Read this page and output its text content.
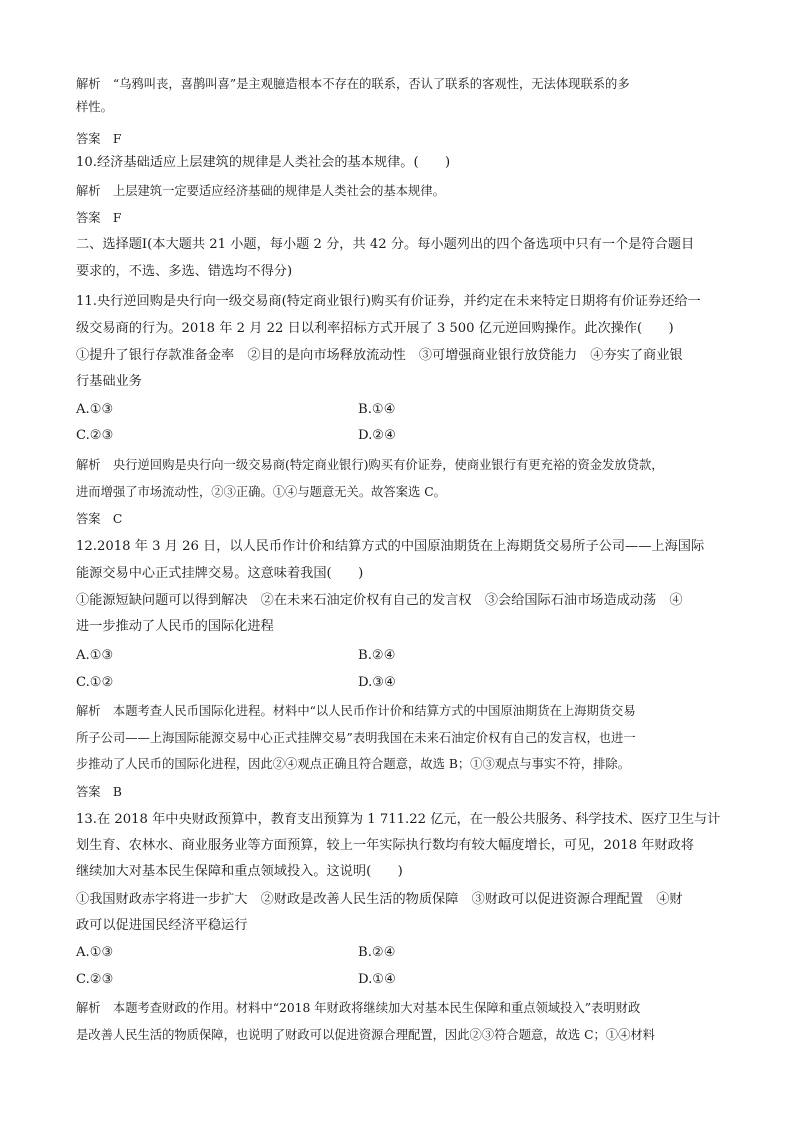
解析　“乌鸦叫丧，喜鹊叫喜”是主观臆造根本不存在的联系，否认了联系的客观性，无法体现联系的多
样性。
答案　F
10.经济基础适应上层建筑的规律是人类社会的基本规律。(　　)
解析　上层建筑一定要适应经济基础的规律是人类社会的基本规律。
答案　F
二、选择题Ⅰ(本大题共 21 小题，每小题 2 分，共 42 分。每小题列出的四个备选项中只有一个是符合题目
要求的，不选、多选、错选均不得分)
11.央行逆回购是央行向一级交易商(特定商业银行)购买有价证券，并约定在未来特定日期将有价证券还给一
级交易商的行为。2018 年 2 月 22 日以利率招标方式开展了 3 500 亿元逆回购操作。此次操作(　　)
①提升了银行存款准备金率　②目的是向市场释放流动性　③可增强商业银行放贷能力　④夯实了商业银
行基础业务
A.①③	B.①④
C.②③	D.②④
解析　央行逆回购是央行向一级交易商(特定商业银行)购买有价证券，使商业银行有更充裕的资金发放贷款，
进而增强了市场流动性，②③正确。①④与题意无关。故答案选 C。
答案　C
12.2018 年 3 月 26 日，以人民币作计价和结算方式的中国原油期货在上海期货交易所子公司——上海国际
能源交易中心正式挂牌交易。这意味着我国(　　)
①能源短缺问题可以得到解决　②在未来石油定价权有自己的发言权　③会给国际石油市场造成动荡　④
进一步推动了人民币的国际化进程
A.①③	B.②④
C.①②	D.③④
解析　本题考查人民币国际化进程。材料中“以人民币作计价和结算方式的中国原油期货在上海期货交易
所子公司——上海国际能源交易中心正式挂牌交易”表明我国在未来石油定价权有自己的发言权，也进一
步推动了人民币的国际化进程，因此②④观点正确且符合题意，故选 B；①③观点与事实不符，排除。
答案　B
13.在 2018 年中央财政预算中，教育支出预算为 1 711.22 亿元，在一般公共服务、科学技术、医疗卫生与计
划生育、农林水、商业服务业等方面预算，较上一年实际执行数均有较大幅度增长，可见，2018 年财政将
继续加大对基本民生保障和重点领域投入。这说明(　　)
①我国财政赤字将进一步扩大　②财政是改善人民生活的物质保障　③财政可以促进资源合理配置　④财
政可以促进国民经济平稳运行
A.①③	B.②④
C.②③	D.①④
解析　本题考查财政的作用。材料中“2018 年财政将继续加大对基本民生保障和重点领域投入”表明财政
是改善人民生活的物质保障，也说明了财政可以促进资源合理配置，因此②③符合题意，故选 C；①④材料
